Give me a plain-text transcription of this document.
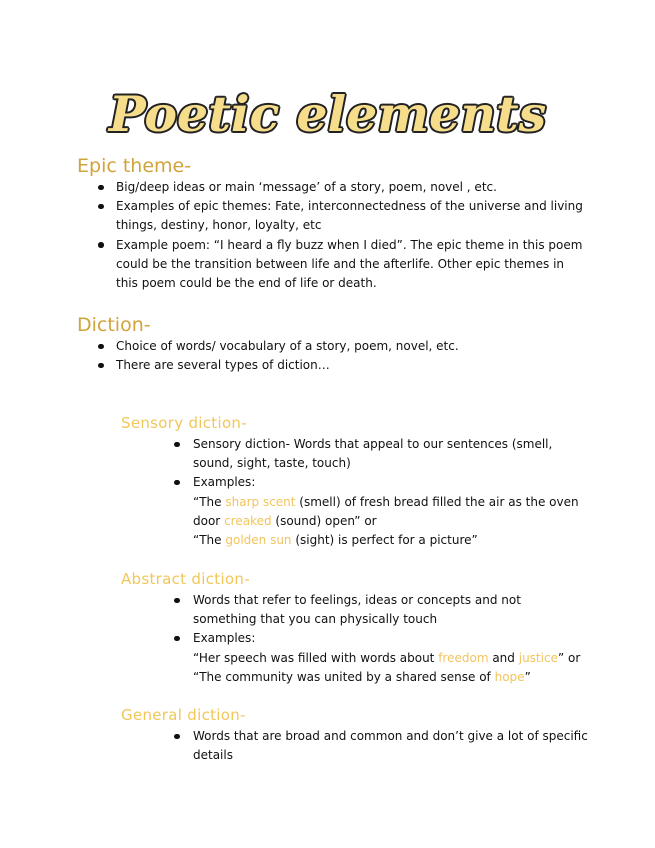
Poetic elements
Epic theme-
Big/deep ideas or main ‘message’ of a story, poem, novel , etc.
Examples of epic themes: Fate, interconnectedness of the universe and living
things, destiny, honor, loyalty, etc
Example poem: “I heard a fly buzz when I died”. The epic theme in this poem
could be the transition between life and the afterlife. Other epic themes in
this poem could be the end of life or death.
Diction-
Choice of words/ vocabulary of a story, poem, novel, etc.
There are several types of diction…
Sensory diction-
Sensory diction- Words that appeal to our sentences (smell,
sound, sight, taste, touch)
Examples:
“The sharp scent (smell) of fresh bread filled the air as the oven
door creaked (sound) open” or
“The golden sun (sight) is perfect for a picture”
Abstract diction-
Words that refer to feelings, ideas or concepts and not
something that you can physically touch
Examples:
“Her speech was filled with words about freedom and justice” or
“The community was united by a shared sense of hope”
General diction-
Words that are broad and common and don’t give a lot of specific
details
